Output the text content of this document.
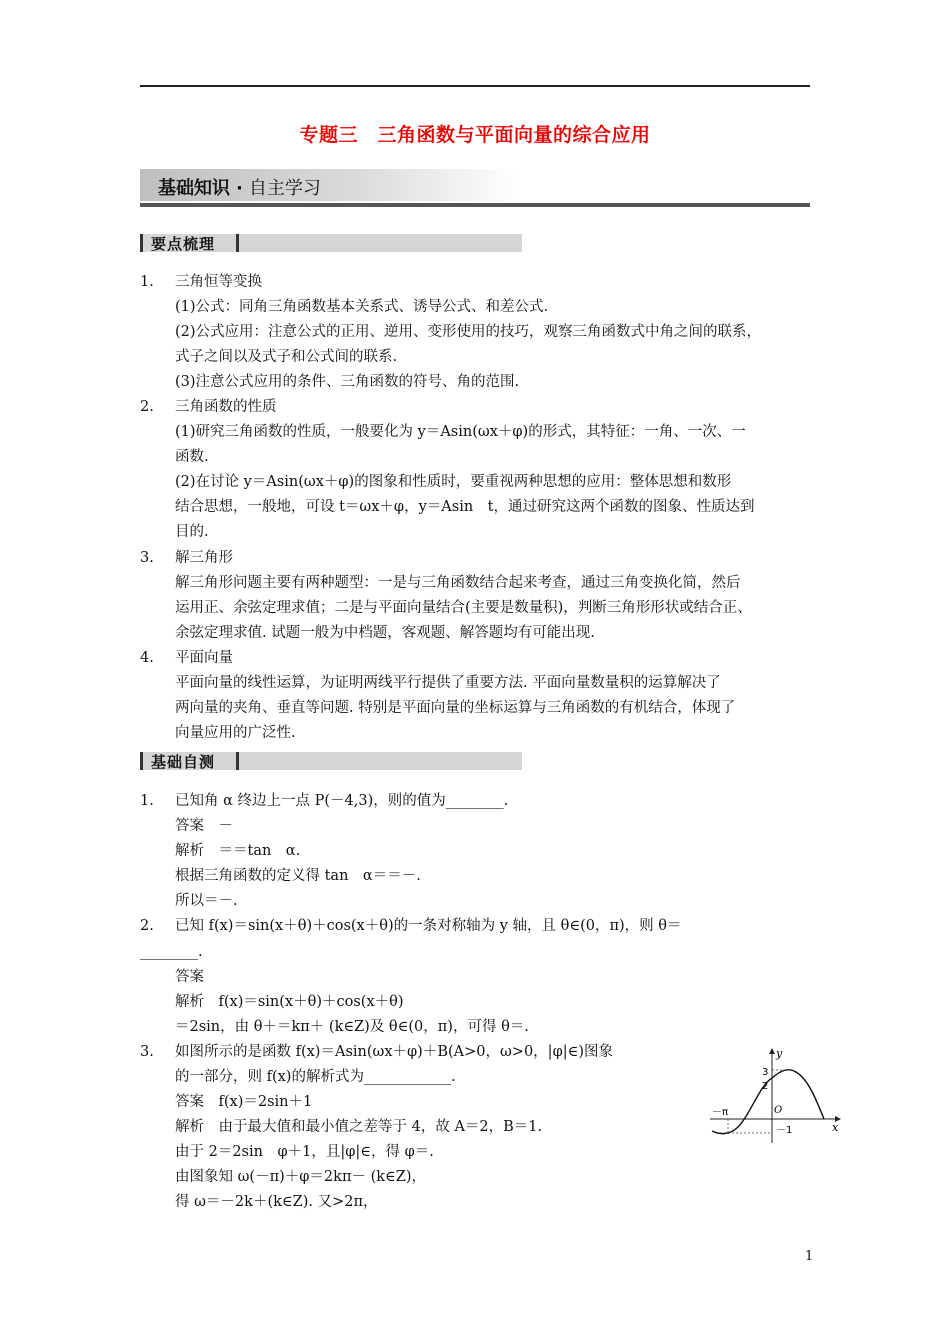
专题三　三角函数与平面向量的综合应用
基础知识 · 自主学习
要点梳理
1. 三角恒等变换
(1)公式：同角三角函数基本关系式、诱导公式、和差公式.
(2)公式应用：注意公式的正用、逆用、变形使用的技巧，观察三角函数式中角之间的联系，
式子之间以及式子和公式间的联系.
(3)注意公式应用的条件、三角函数的符号、角的范围.
2. 三角函数的性质
(1)研究三角函数的性质，一般要化为 y＝Asin(ωx＋φ)的形式，其特征：一角、一次、一
函数.
(2)在讨论 y＝Asin(ωx＋φ)的图象和性质时，要重视两种思想的应用：整体思想和数形
结合思想，一般地，可设 t＝ωx＋φ，y＝Asin　t，通过研究这两个函数的图象、性质达到
目的.
3. 解三角形
解三角形问题主要有两种题型：一是与三角函数结合起来考查，通过三角变换化简，然后
运用正、余弦定理求值；二是与平面向量结合(主要是数量积)，判断三角形形状或结合正、
余弦定理求值. 试题一般为中档题，客观题、解答题均有可能出现.
4. 平面向量
平面向量的线性运算，为证明两线平行提供了重要方法. 平面向量数量积的运算解决了
两向量的夹角、垂直等问题. 特别是平面向量的坐标运算与三角函数的有机结合，体现了
向量应用的广泛性.
基础自测
1. 已知角 α 终边上一点 P(－4,3)，则的值为________.
答案　－
解析　＝＝tan　α.
根据三角函数的定义得 tan　α＝＝－.
所以＝－.
2. 已知 f(x)＝sin(x＋θ)＋cos(x＋θ)的一条对称轴为 y 轴，且 θ∈(0，π)，则 θ＝
________.
答案
解析　f(x)＝sin(x＋θ)＋cos(x＋θ)
＝2sin，由 θ＋＝kπ＋ (k∈Z)及 θ∈(0，π)，可得 θ＝.
3. 如图所示的是函数 f(x)＝Asin(ωx＋φ)＋B(A>0，ω>0，|φ|∈)图象
的一部分，则 f(x)的解析式为____________.
答案　f(x)＝2sin＋1
解析　由于最大值和最小值之差等于 4，故 A＝2，B＝1.
由于 2＝2sin　φ＋1，且|φ|∈，得 φ＝.
由图象知 ω(－π)＋φ＝2kπ－ (k∈Z)，
得 ω＝－2k＋(k∈Z). 又>2π，
y
x
3
2
O
－π
－1
1
